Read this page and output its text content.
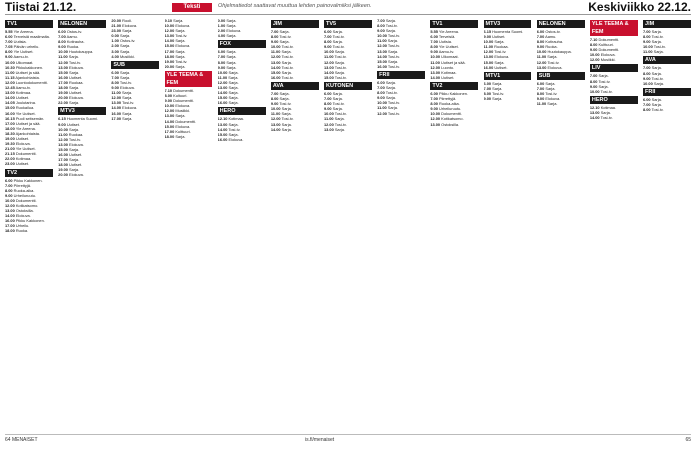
Tiistai 21.12.	Teksti	Ohjelmatiedot saattavat muuttua lehden painovalmiiksi jälkeen.	Keskiviikko 22.12.
TV1
5.55 Yle Areena.
6.00 Terveisiä maailmalta.
7.00 Uutisia.
7.05 Päivän urheilu.
8.00 Yle Uutiset.
9.00 Aamu-tv.
10.00 Ulkomaat.
10.30 Pikkukakkonen.
11.00 Uutiset ja sää.
11.15 Ajankohtaista.
12.00 Luontodokumentti.
12.45 Aamu-tv.
13.00 Kotimaa.
14.00 Uutiset.
14.05 Joulutarina.
15.00 Ruokailua.
16.00 Yle Uutiset.
16.15 Puoli seitsemän.
17.00 Uutiset ja sää.
18.00 Yle Areena.
18.30 Ajankohtaista.
19.00 Uutiset.
19.30 Elokuva.
21.00 Yle Uutiset.
21.15 Dokumentti.
22.00 Kotimaa.
23.00 Uutiset.
TV2
6.00 Pikku Kakkonen.
7.00 Piirrettyjä.
8.00 Ruoka-aika.
9.00 Urheiluruutu.
10.00 Dokumentti.
12.00 Kotikatsomo.
13.00 Ostoksilla.
14.00 Elokuva.
16.00 Pikku Kakkonen.
17.00 Urheilu.
18.00 Ruoka.
NELONEN
6.00 Ostos-tv.
7.00 Aamu.
8.00 Kotirauha.
9.00 Ruoka.
10.00 Huutokauppa.
11.00 Sarja.
12.00 Tosi-tv.
13.00 Elokuva.
15.00 Sarja.
16.00 Uutiset.
17.00 Ruokaa.
18.00 Sarja.
19.00 Uutiset.
20.00 Elokuva.
22.00 Sarja.
MTV3
6.15 Huomenta Suomi.
9.00 Uutiset.
10.00 Sarja.
11.00 Ruokaa.
12.00 Tosi-tv.
13.00 Elokuva.
15.00 Sarja.
16.00 Uutiset.
17.00 Sarja.
18.00 Uutiset.
19.00 Sarja.
20.00 Elokuva.
20.00 Rooli.
21.00 Elokuva.
23.00 Sarja.
0.00 Sarja.
1.00 Ostos-tv.
2.00 Sarja.
3.00 Sarja.
4.00 Musiikki.
SUB
6.00 Sarja.
7.00 Sarja.
8.00 Tosi-tv.
9.00 Elokuva.
11.00 Sarja.
12.00 Sarja.
13.00 Tosi-tv.
14.00 Elokuva.
16.00 Sarja.
17.00 Sarja.
9.10 Sarja.
10.00 Elokuva.
12.00 Sarja.
13.00 Tosi-tv.
14.00 Sarja.
15.00 Elokuva.
17.00 Sarja.
18.00 Sarja.
19.00 Tosi-tv.
20.00 Sarja.
YLE TEEMA & FEM
7.10 Dokumentti.
8.00 Kultuuri.
9.00 Dokumentti.
10.00 Elokuva.
12.00 Musiikki.
13.00 Sarja.
14.00 Dokumentti.
15.00 Elokuva.
17.00 Kulttuuri.
18.00 Sarja.
0.00 Sarja.
1.00 Sarja.
2.00 Elokuva.
4.00 Sarja.
FOX
6.00 Sarja.
7.00 Sarja.
8.00 Sarja.
9.00 Sarja.
10.00 Sarja.
11.00 Sarja.
12.00 Sarja.
13.00 Sarja.
14.00 Sarja.
15.00 Sarja.
16.00 Sarja.
HERO
12.10 Kotimaa.
13.00 Sarja.
14.00 Tosi-tv.
15.00 Sarja.
16.00 Elokuva.
JIM
7.00 Sarja.
8.00 Tosi-tv.
9.00 Sarja.
10.00 Tosi-tv.
11.00 Sarja.
12.00 Tosi-tv.
13.00 Sarja.
14.00 Tosi-tv.
15.00 Sarja.
16.00 Tosi-tv.
AVA
7.00 Sarja.
8.00 Sarja.
9.00 Tosi-tv.
10.00 Sarja.
11.00 Sarja.
12.00 Tosi-tv.
13.00 Sarja.
14.00 Sarja.
TV5
6.00 Sarja.
7.00 Tosi-tv.
8.00 Sarja.
9.00 Tosi-tv.
10.00 Sarja.
11.00 Tosi-tv.
12.00 Sarja.
13.00 Tosi-tv.
14.00 Sarja.
15.00 Tosi-tv.
KUTONEN
6.00 Sarja.
7.00 Sarja.
8.00 Tosi-tv.
9.00 Sarja.
10.00 Tosi-tv.
11.00 Sarja.
12.00 Tosi-tv.
13.00 Sarja.
7.00 Sarja.
8.00 Tosi-tv.
9.00 Sarja.
10.00 Tosi-tv.
11.00 Sarja.
12.00 Tosi-tv.
13.00 Sarja.
14.00 Tosi-tv.
15.00 Sarja.
16.00 Tosi-tv.
FRII
6.00 Sarja.
7.00 Sarja.
8.00 Tosi-tv.
9.00 Sarja.
10.00 Tosi-tv.
11.00 Sarja.
12.00 Tosi-tv.
TV1
5.55 Yle Areena.
6.00 Terveisiä.
7.00 Uutisia.
8.00 Yle Uutiset.
9.00 Aamu-tv.
10.00 Ulkomaat.
11.00 Uutiset ja sää.
12.00 Luonto.
13.00 Kotimaa.
14.00 Uutiset.
TV2
6.00 Pikku Kakkonen.
7.00 Piirrettyjä.
8.00 Ruoka-aika.
9.00 Urheiluruutu.
10.00 Dokumentti.
12.00 Kotikatsomo.
13.00 Ostoksilla.
MTV3
6.15 Huomenta Suomi.
9.00 Uutiset.
10.00 Sarja.
11.00 Ruokaa.
12.00 Tosi-tv.
13.00 Elokuva.
15.00 Sarja.
16.00 Uutiset.
MTV1
6.00 Sarja.
7.00 Sarja.
8.00 Tosi-tv.
9.00 Sarja.
NELONEN
6.00 Ostos-tv.
7.00 Aamu.
8.00 Kotirauha.
9.00 Ruoka.
10.00 Huutokauppa.
11.00 Sarja.
12.00 Tosi-tv.
13.00 Elokuva.
SUB
6.00 Sarja.
7.00 Sarja.
8.00 Tosi-tv.
9.00 Elokuva.
11.00 Sarja.
YLE TEEMA & FEM
7.10 Dokumentti.
8.00 Kulttuuri.
9.00 Dokumentti.
10.00 Elokuva.
12.00 Musiikki.
LIV
7.00 Sarja.
8.00 Tosi-tv.
9.00 Sarja.
10.00 Tosi-tv.
HERO
12.10 Kotimaa.
13.00 Sarja.
14.00 Tosi-tv.
JIM
7.00 Sarja.
8.00 Tosi-tv.
9.00 Sarja.
10.00 Tosi-tv.
11.00 Sarja.
AVA
7.00 Sarja.
8.00 Sarja.
9.00 Tosi-tv.
10.00 Sarja.
FRII
6.00 Sarja.
7.00 Sarja.
8.00 Tosi-tv.
64 MENAISET	is.fi/menaiset	65
